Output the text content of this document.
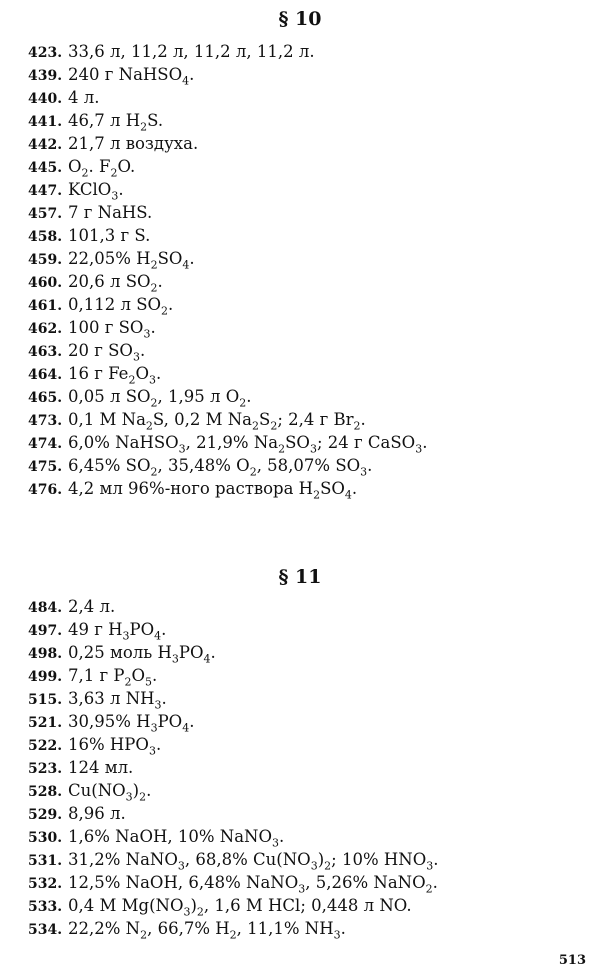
§ 10
423. 33,6 л, 11,2 л, 11,2 л, 11,2 л.
439. 240 г NaHSO$_4$.
440. 4 л.
441. 46,7 л $H_2S$.
442. 21,7 л воздуха.
445. $O_2$. $F_2O$.
447. KClO$_3$.
457. 7 г NaHS.
458. 101,3 г S.
459. 22,05% $H_2SO_4$.
460. 20,6 л $SO_2$.
461. 0,112 л $SO_2$.
462. 100 г $SO_3$.
463. 20 г $SO_3$.
464. 16 г $Fe_2O_3$.
465. 0,05 л $SO_2$, 1,95 л $O_2$.
473. 0,1 М $Na_2S$, 0,2 М $Na_2S_2$; 2,4 г $Br_2$.
474. 6,0% NaHSO$_3$, 21,9% $Na_2SO_3$; 24 г CaSO$_3$.
475. 6,45% $SO_2$, 35,48% $O_2$, 58,07% $SO_3$.
476. 4,2 мл 96%-ного раствора $H_2SO_4$.
§ 11
484. 2,4 л.
497. 49 г $H_3PO_4$.
498. 0,25 моль $H_3PO_4$.
499. 7,1 г $P_2O_5$.
515. 3,63 л $NH_3$.
521. 30,95% $H_3PO_4$.
522. 16% $HPO_3$.
523. 124 мл.
528. $Cu(NO_3)_2$.
529. 8,96 л.
530. 1,6% NaOH, 10% NaNO$_3$.
531. 31,2% NaNO$_3$, 68,8% $Cu(NO_3)_2$; 10% $HNO_3$.
532. 12,5% NaOH, 6,48% NaNO$_3$, 5,26% NaNO$_2$.
533. 0,4 М $Mg(NO_3)_2$, 1,6 М HCl; 0,448 л NO.
534. 22,2% $N_2$, 66,7% $H_2$, 11,1% $NH_3$.
513
